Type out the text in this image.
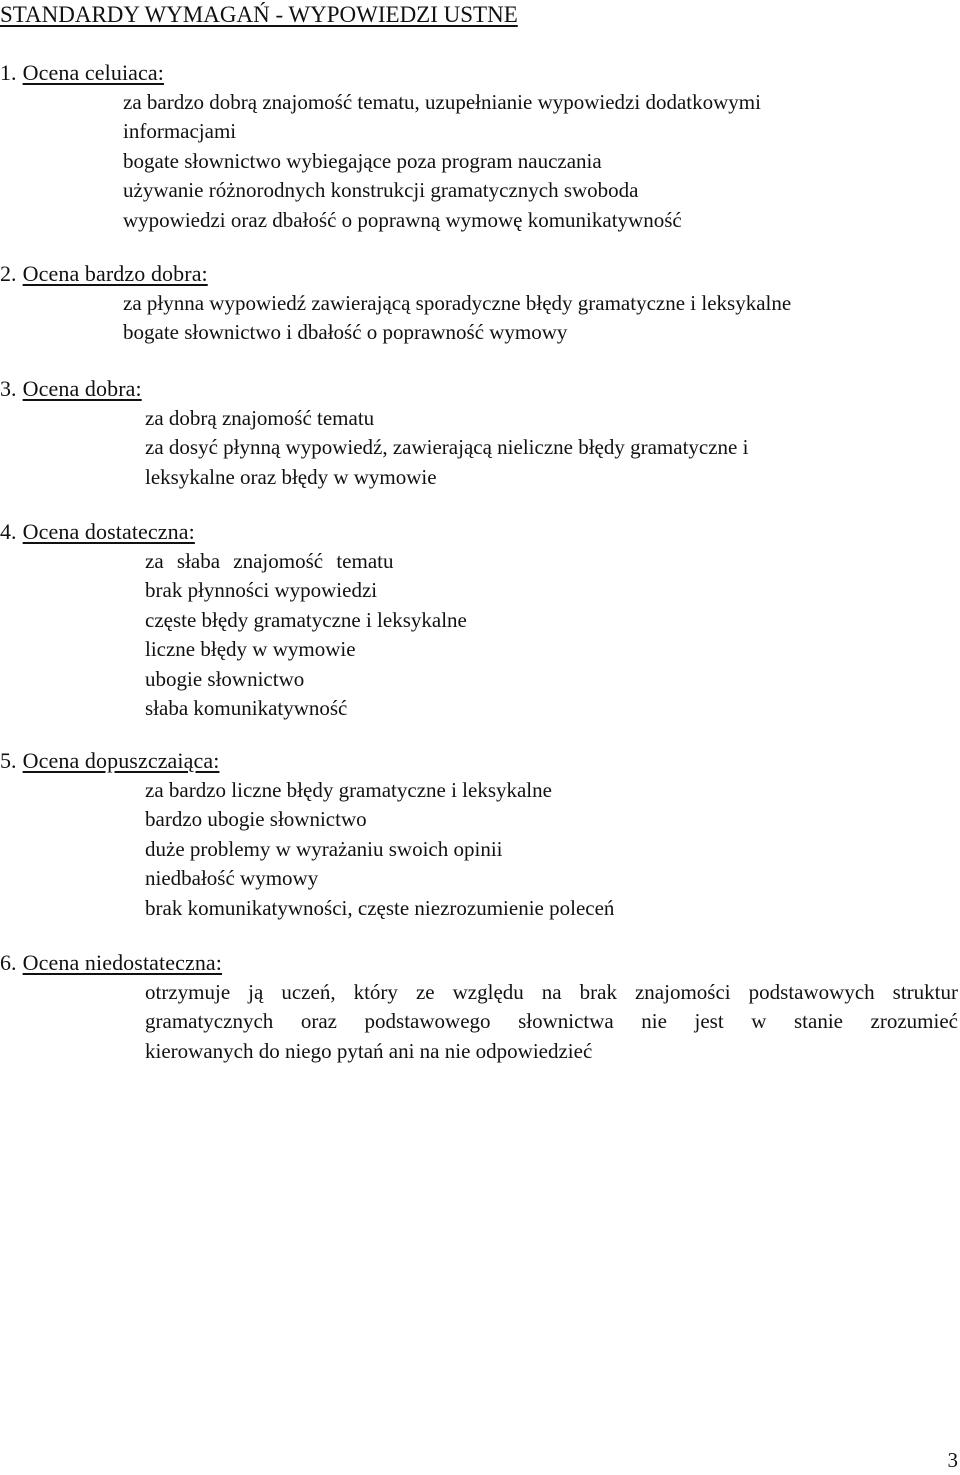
STANDARDY WYMAGAŃ - WYPOWIEDZI USTNE
1. Ocena celuiaca:
za bardzo dobrą znajomość tematu, uzupełnianie wypowiedzi dodatkowymi
informacjami
bogate słownictwo wybiegające poza program nauczania
używanie różnorodnych konstrukcji gramatycznych swoboda
wypowiedzi oraz dbałość o poprawną wymowę komunikatywność
2. Ocena bardzo dobra:
za płynna wypowiedź zawierającą sporadyczne błędy gramatyczne i leksykalne
bogate słownictwo i dbałość o poprawność wymowy
3. Ocena dobra:
za dobrą znajomość tematu
za dosyć płynną wypowiedź, zawierającą nieliczne błędy gramatyczne i
leksykalne oraz błędy w wymowie
4. Ocena dostateczna:
za słaba znajomość tematu
brak płynności wypowiedzi
częste błędy gramatyczne i leksykalne
liczne błędy w wymowie
ubogie słownictwo
słaba komunikatywność
5. Ocena dopuszczaiąca:
za bardzo liczne błędy gramatyczne i leksykalne
bardzo ubogie słownictwo
duże problemy w wyrażaniu swoich opinii
niedbałość wymowy
brak komunikatywności, częste niezrozumienie poleceń
6. Ocena niedostateczna:
otrzymuje ją uczeń, który ze względu na brak znajomości podstawowych struktur
gramatycznych oraz podstawowego słownictwa nie jest w stanie zrozumieć
kierowanych do niego pytań ani na nie odpowiedzieć
3
